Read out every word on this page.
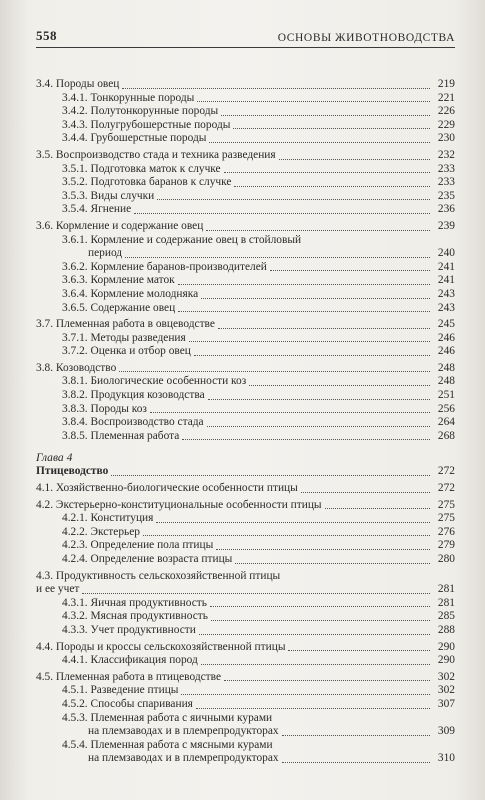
558	ОСНОВЫ ЖИВОТНОВОДСТВА
3.4. Породы овец	219
3.4.1. Тонкорунные породы	221
3.4.2. Полутонкорунные породы	226
3.4.3. Полугрубошерстные породы	229
3.4.4. Грубошерстные породы	230
3.5. Воспроизводство стада и техника разведения	232
3.5.1. Подготовка маток к случке	233
3.5.2. Подготовка баранов к случке	233
3.5.3. Виды случки	235
3.5.4. Ягнение	236
3.6. Кормление и содержание овец	239
3.6.1. Кормление и содержание овец в стойловый
период	240
3.6.2. Кормление баранов-производителей	241
3.6.3. Кормление маток	241
3.6.4. Кормление молодняка	243
3.6.5. Содержание овец	243
3.7. Племенная работа в овцеводстве	245
3.7.1. Методы разведения	246
3.7.2. Оценка и отбор овец	246
3.8. Козоводство	248
3.8.1. Биологические особенности коз	248
3.8.2. Продукция козоводства	251
3.8.3. Породы коз	256
3.8.4. Воспроизводство стада	264
3.8.5. Племенная работа	268
Глава 4
Птицеводство	272
4.1. Хозяйственно-биологические особенности птицы	272
4.2. Экстерьерно-конституциональные особенности птицы	275
4.2.1. Конституция	275
4.2.2. Экстерьер	276
4.2.3. Определение пола птицы	279
4.2.4. Определение возраста птицы	280
4.3. Продуктивность сельскохозяйственной птицы
и ее учет	281
4.3.1. Яичная продуктивность	281
4.3.2. Мясная продуктивность	285
4.3.3. Учет продуктивности	288
4.4. Породы и кроссы сельскохозяйственной птицы	290
4.4.1. Классификация пород	290
4.5. Племенная работа в птицеводстве	302
4.5.1. Разведение птицы	302
4.5.2. Способы спаривания	307
4.5.3. Племенная работа с яичными курами
на племзаводах и в племрепродукторах	309
4.5.4. Племенная работа с мясными курами
на племзаводах и в племрепродукторах	310
